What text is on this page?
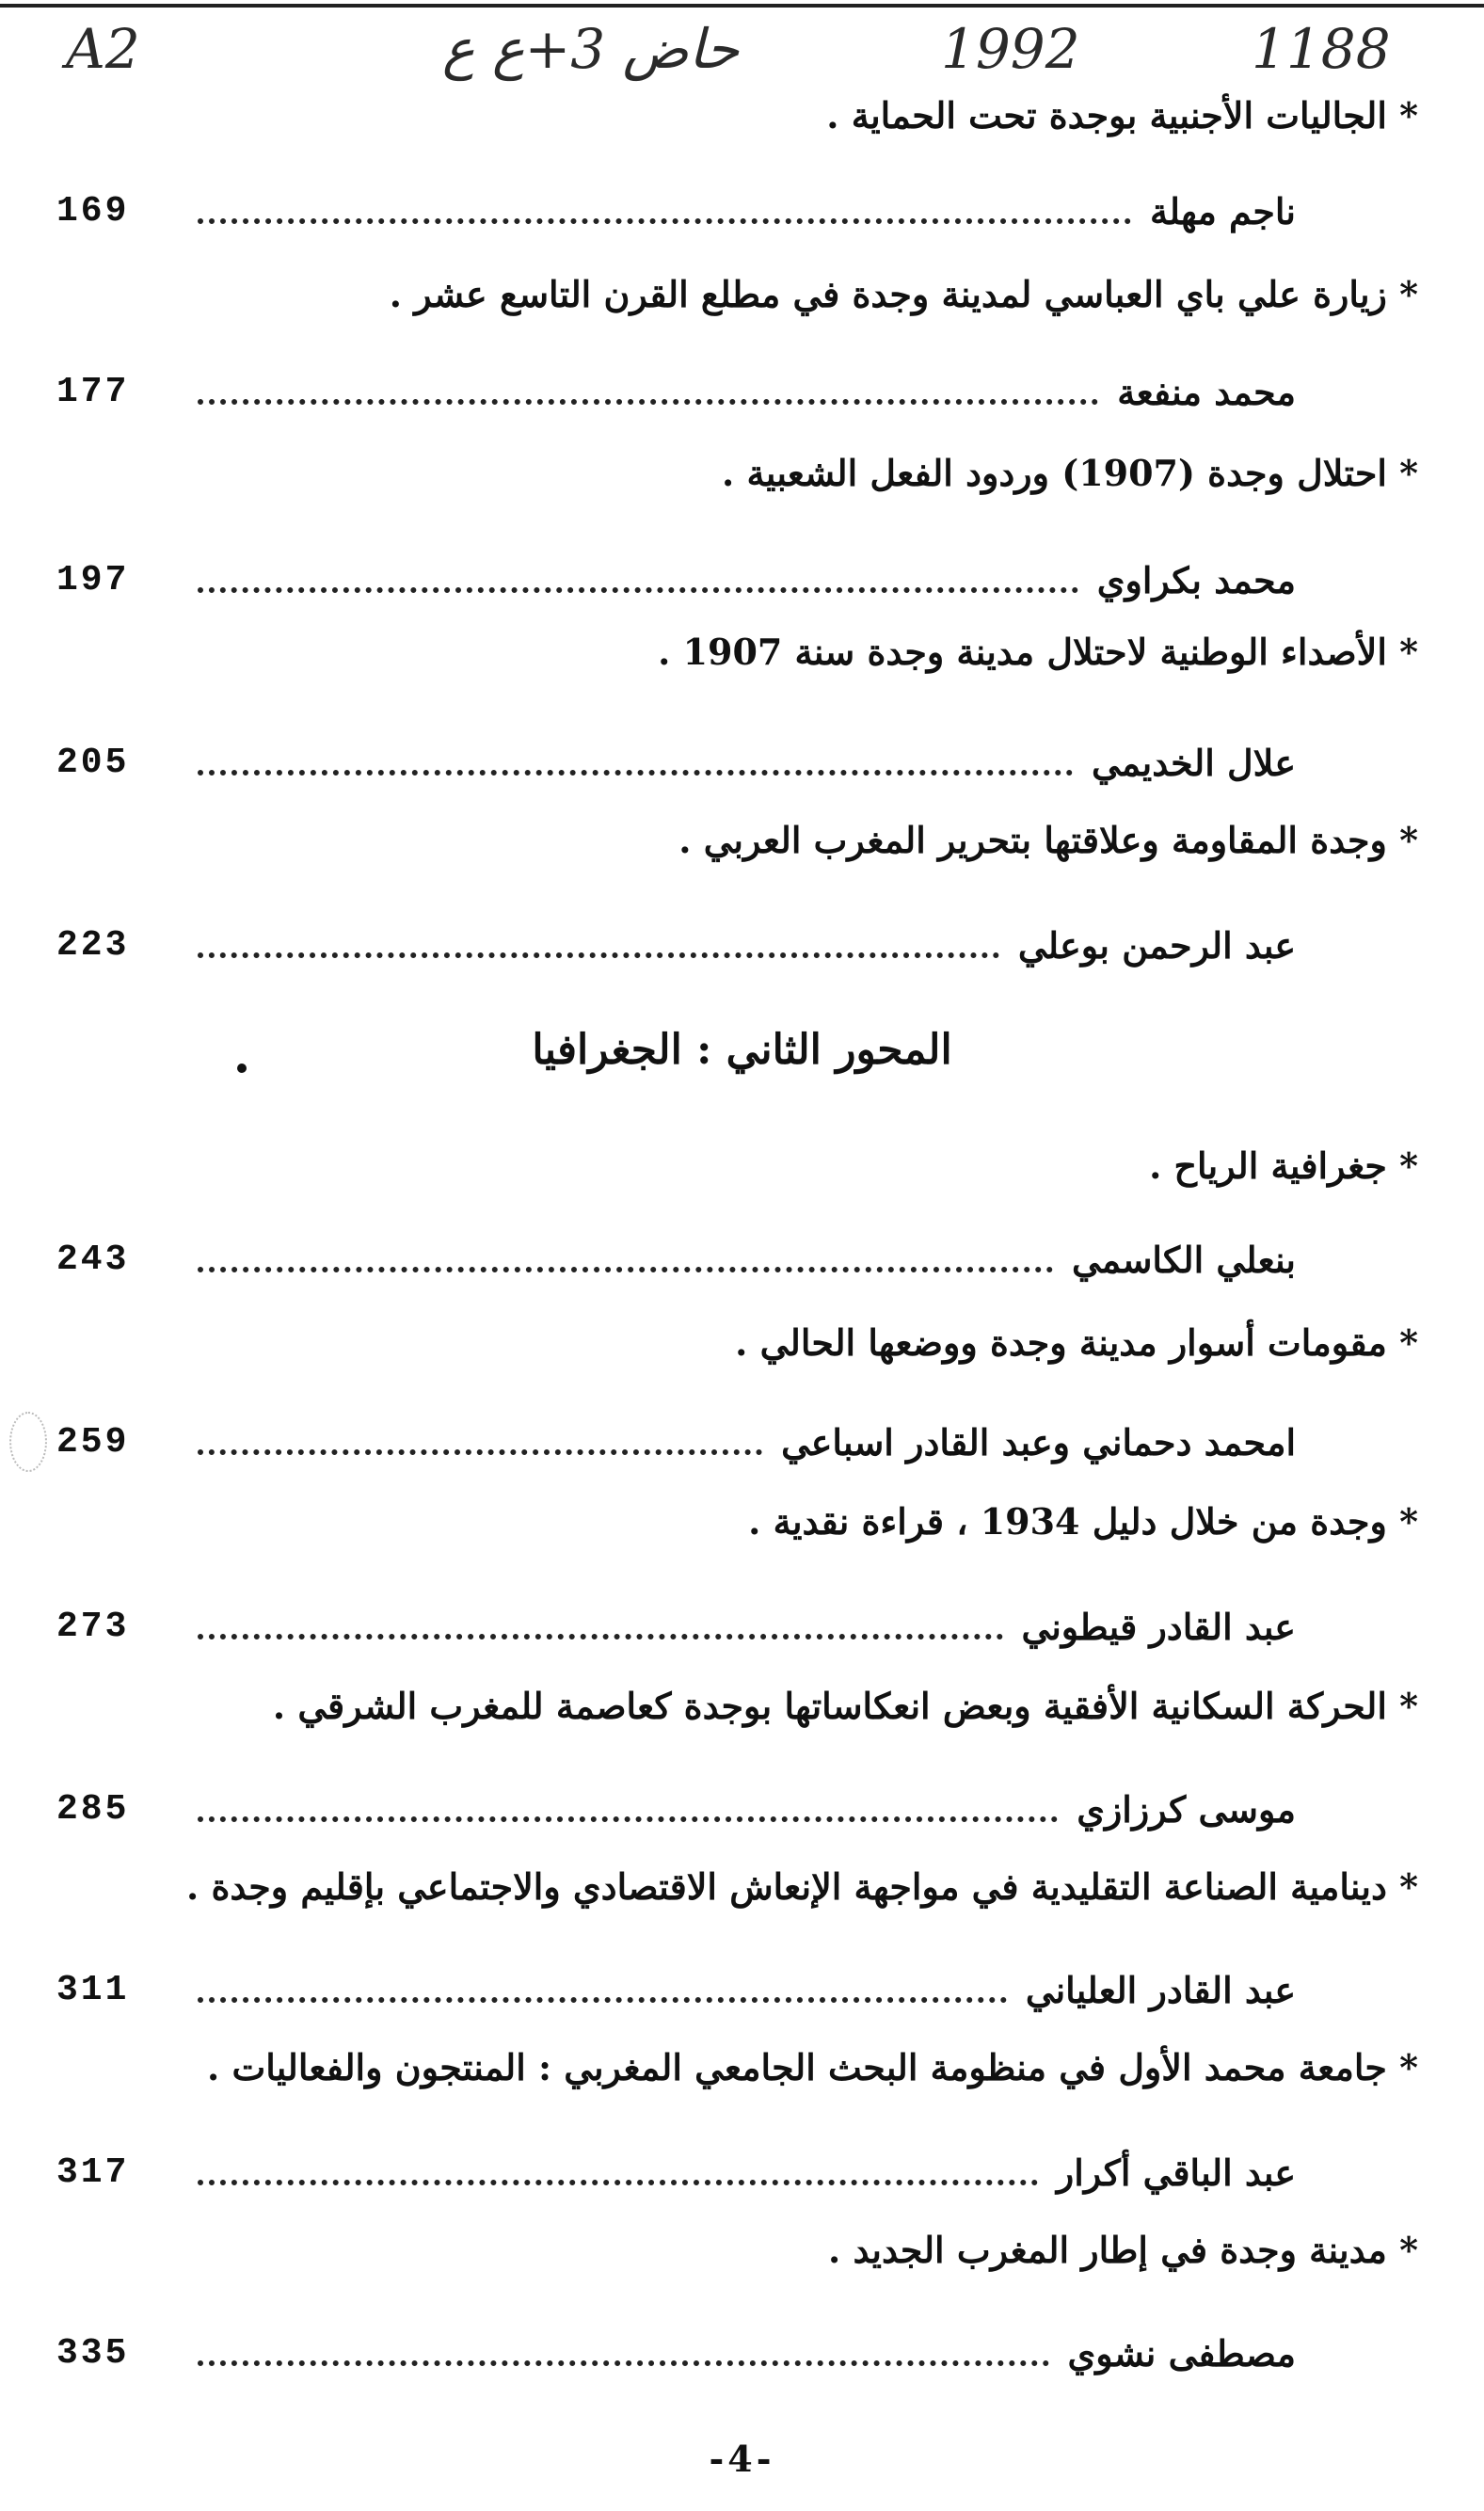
A2	حاض 3+ع ع	1992	1188
* الجاليات الأجنبية بوجدة تحت الحماية .
169	ناجم مهلة
* زيارة علي باي العباسي لمدينة وجدة في مطلع القرن التاسع عشر .
177	محمد منفعة
* احتلال وجدة (1907) وردود الفعل الشعبية .
197	محمد بكراوي
* الأصداء الوطنية لاحتلال مدينة وجدة سنة 1907 .
205	علال الخديمي
* وجدة المقاومة وعلاقتها بتحرير المغرب العربي .
223	عبد الرحمن بوعلي
المحور الثاني : الجغرافيا
* جغرافية الرياح .
243	بنعلي الكاسمي
* مقومات أسوار مدينة وجدة ووضعها الحالي .
259	امحمد دحماني وعبد القادر اسباعي
* وجدة من خلال دليل 1934 ، قراءة نقدية .
273	عبد القادر قيطوني
* الحركة السكانية الأفقية وبعض انعكاساتها بوجدة كعاصمة للمغرب الشرقي .
285	موسى كرزازي
* دينامية الصناعة التقليدية في مواجهة الإنعاش الاقتصادي والاجتماعي بإقليم وجدة .
311	عبد القادر العلياني
* جامعة محمد الأول في منظومة البحث الجامعي المغربي : المنتجون والفعاليات .
317	عبد الباقي أكرار
* مدينة وجدة في إطار المغرب الجديد .
335	مصطفى نشوي
-4-
